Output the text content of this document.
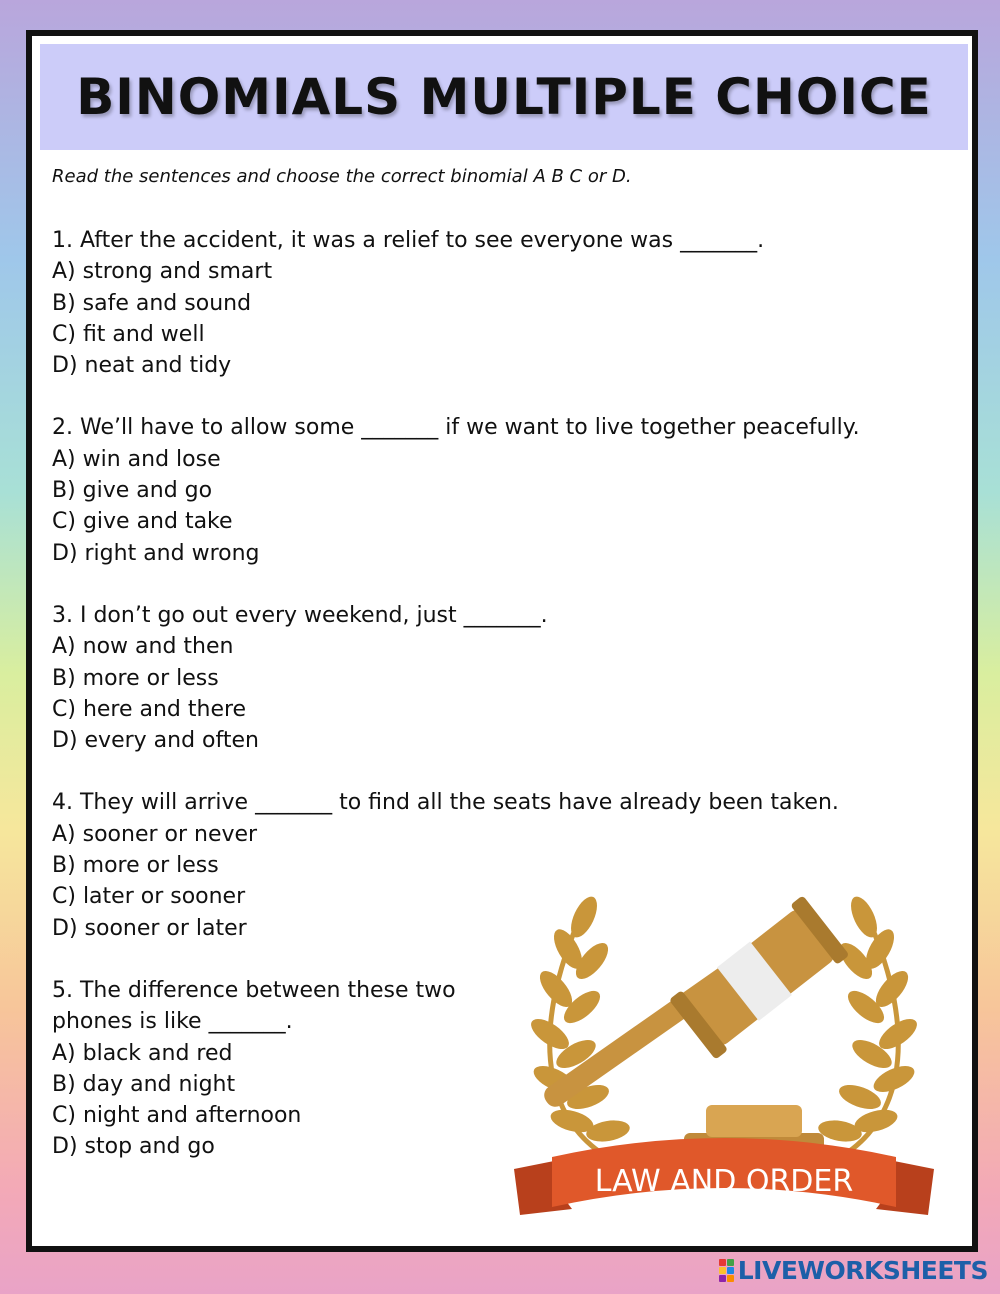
BINOMIALS MULTIPLE CHOICE
Read the sentences and choose the correct binomial A B C or D.

1. After the accident, it was a relief to see everyone was _______.

A) strong and smart

B) safe and sound

C) fit and well

D) neat and tidy

2. We’ll have to allow some _______ if we want to live together peacefully.

A) win and lose

B) give and go

C) give and take

D) right and wrong

3. I don’t go out every weekend, just _______.

A) now and then

B) more or less

C) here and there

D) every and often

4. They will arrive _______ to find all the seats have already been taken.

A) sooner or never

B) more or less

C) later or sooner

D) sooner or later

5. The difference between these two phones is like _______.

A) black and red

B) day and night

C) night and afternoon

D) stop and go

LAW AND ORDER
LIVEWORKSHEETS
